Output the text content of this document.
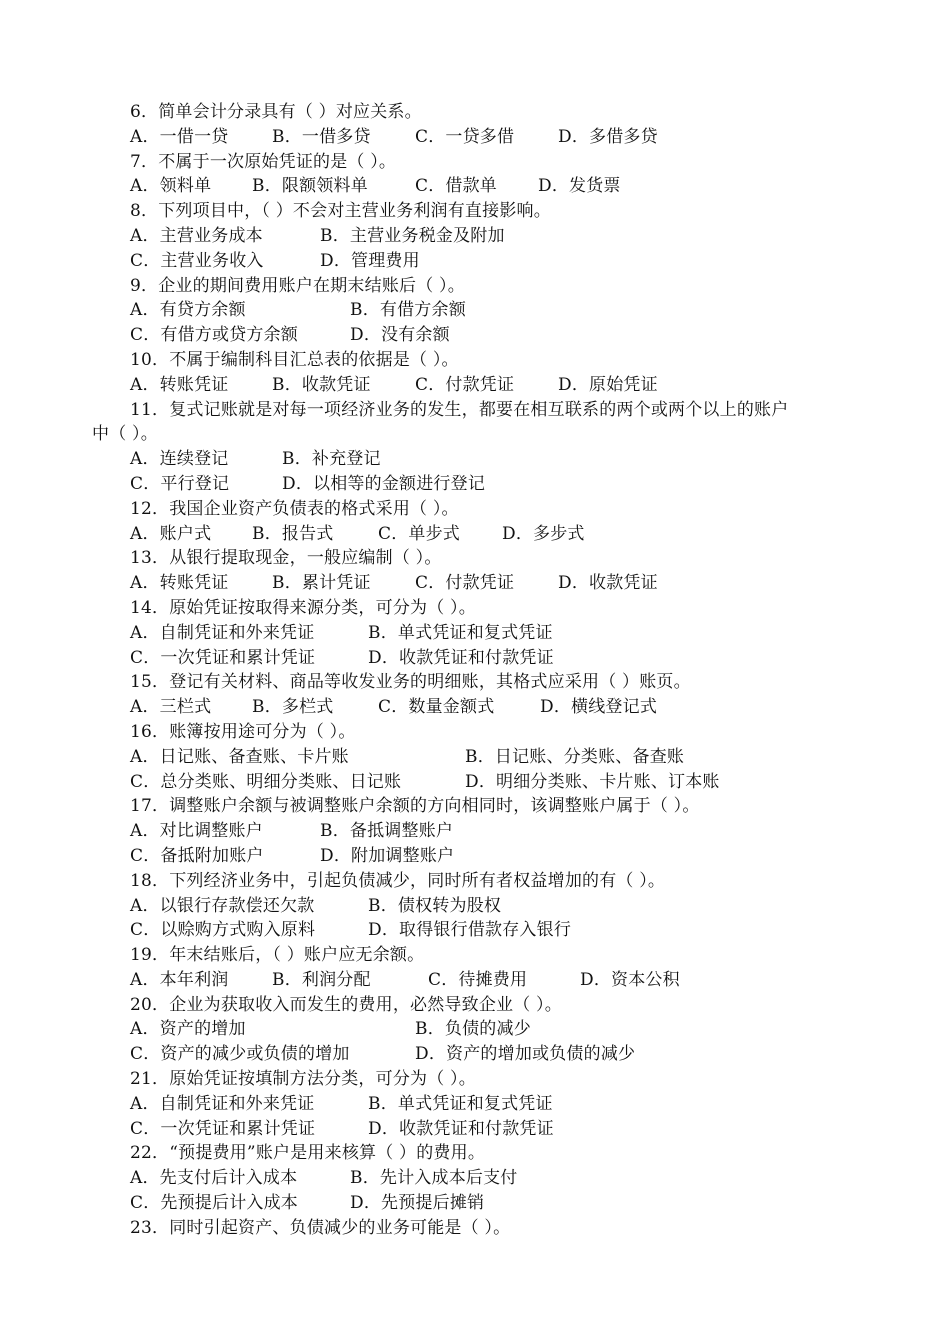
6．简单会计分录具有（ ）对应关系。
A．一借一贷	B．一借多贷	C．一贷多借	D．多借多贷
7．不属于一次原始凭证的是（ ）。
A．领料单 B．限额领料单	C．借款单 D．发货票
8．下列项目中，（ ）不会对主营业务利润有直接影响。
A．主营业务成本	B．主营业务税金及附加
C．主营业务收入	D．管理费用
9．企业的期间费用账户在期末结账后（ ）。
A．有贷方余额	B．有借方余额
C．有借方或贷方余额	D．没有余额
10．不属于编制科目汇总表的依据是（ ）。
A．转账凭证	B．收款凭证	C．付款凭证	D．原始凭证
11．复式记账就是对每一项经济业务的发生，都要在相互联系的两个或两个以上的账户
中（ ）。
A．连续登记	B．补充登记
C．平行登记	D．以相等的金额进行登记
12．我国企业资产负债表的格式采用（ ）。
A．账户式 B．报告式	C．单步式 D．多步式
13．从银行提取现金，一般应编制（ ）。
A．转账凭证	B．累计凭证	C．付款凭证	D．收款凭证
14．原始凭证按取得来源分类，可分为（ ）。
A．自制凭证和外来凭证	B．单式凭证和复式凭证
C．一次凭证和累计凭证	D．收款凭证和付款凭证
15．登记有关材料、商品等收发业务的明细账，其格式应采用（ ）账页。
A．三栏式 B．多栏式	C．数量金额式	D．横线登记式
16．账簿按用途可分为（ ）。
A．日记账、备查账、卡片账	B．日记账、分类账、备查账
C．总分类账、明细分类账、日记账	D．明细分类账、卡片账、订本账
17．调整账户余额与被调整账户余额的方向相同时，该调整账户属于（ ）。
A．对比调整账户	B．备抵调整账户
C．备抵附加账户	D．附加调整账户
18．下列经济业务中，引起负债减少，同时所有者权益增加的有（ ）。
A．以银行存款偿还欠款	B．债权转为股权
C．以赊购方式购入原料	D．取得银行借款存入银行
19．年末结账后，（ ）账户应无余额。
A．本年利润	B．利润分配	C．待摊费用	D．资本公积
20．企业为获取收入而发生的费用，必然导致企业（ ）。
A．资产的增加	B．负债的减少
C．资产的减少或负债的增加	D．资产的增加或负债的减少
21．原始凭证按填制方法分类，可分为（ ）。
A．自制凭证和外来凭证	B．单式凭证和复式凭证
C．一次凭证和累计凭证	D．收款凭证和付款凭证
22．“预提费用”账户是用来核算（ ）的费用。
A．先支付后计入成本	B．先计入成本后支付
C．先预提后计入成本	D．先预提后摊销
23．同时引起资产、负债减少的业务可能是（ ）。
